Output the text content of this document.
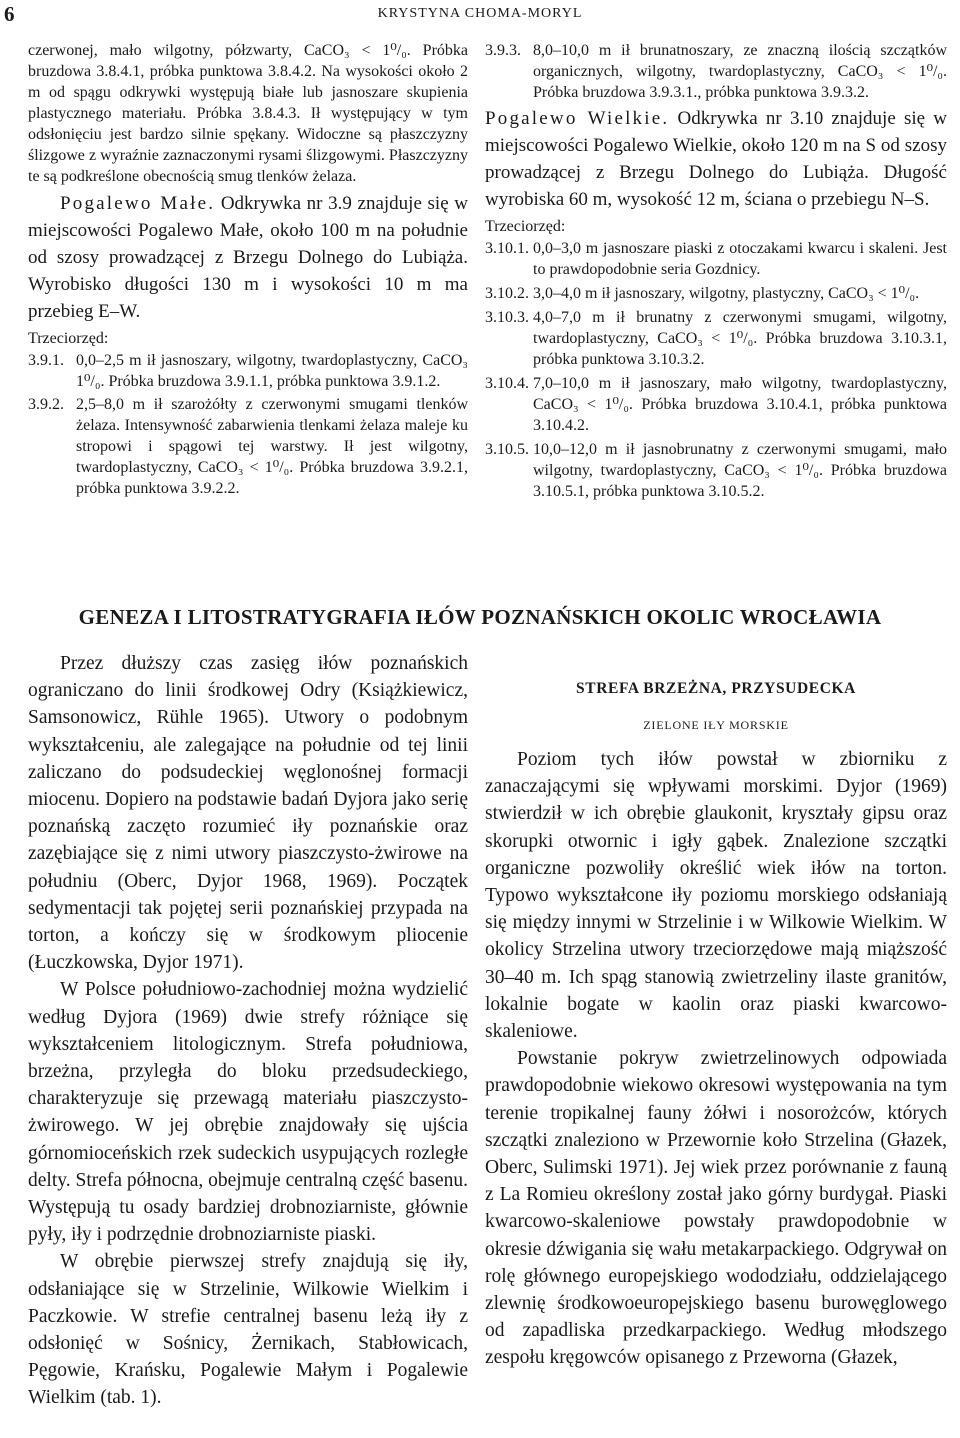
6	KRYSTYNA CHOMA-MORYL

czerwonej, mało wilgotny, półzwarty, CaCO₃ < 1⁰/₀. Próbka bruzdowa 3.8.4.1, próbka punktowa 3.8.4.2. Na wysokości około 2 m od spągu odkrywki występują białe lub jasnoszare skupienia plastycznego materiału. Próbka 3.8.4.3. Ił występujący w tym odsłonięciu jest bardzo silnie spękany. Widoczne są płaszczyzny ślizgowe z wyraźnie zaznaczonymi rysami ślizgowymi. Płaszczyzny te są podkreślone obecnością smug tlenków żelaza.

Pogalewo Małe. Odkrywka nr 3.9 znajduje się w miejscowości Pogalewo Małe, około 100 m na południe od szosy prowadzącej z Brzegu Dolnego do Lubiąża. Wyrobisko długości 130 m i wysokości 10 m ma przebieg E–W.

Trzeciorzęd:
3.9.1. 0,0–2,5 m ił jasnoszary, wilgotny, twardoplastyczny, CaCO₃ 1⁰/₀. Próbka bruzdowa 3.9.1.1, próbka punktowa 3.9.1.2.
3.9.2. 2,5–8,0 m ił szarożółty z czerwonymi smugami tlenków żelaza. Intensywność zabarwienia tlenkami żelaza maleje ku stropowi i spągowi tej warstwy. Ił jest wilgotny, twardoplastyczny, CaCO₃ < 1⁰/₀. Próbka bruzdowa 3.9.2.1, próbka punktowa 3.9.2.2.
3.9.3. 8,0–10,0 m ił brunatnoszary, ze znaczną ilością szczątków organicznych, wilgotny, twardoplastyczny, CaCO₃ < 1⁰/₀. Próbka bruzdowa 3.9.3.1., próbka punktowa 3.9.3.2.

Pogalewo Wielkie. Odkrywka nr 3.10 znajduje się w miejscowości Pogalewo Wielkie, około 120 m na S od szosy prowadzącej z Brzegu Dolnego do Lubiąża. Długość wyrobiska 60 m, wysokość 12 m, ściana o przebiegu N–S.

Trzeciorzęd:
3.10.1. 0,0–3,0 m jasnoszare piaski z otoczakami kwarcu i skaleni. Jest to prawdopodobnie seria Gozdnicy.
3.10.2. 3,0–4,0 m ił jasnoszary, wilgotny, plastyczny, CaCO₃ < 1⁰/₀.
3.10.3. 4,0–7,0 m ił brunatny z czerwonymi smugami, wilgotny, twardoplastyczny, CaCO₃ < 1⁰/₀. Próbka bruzdowa 3.10.3.1, próbka punktowa 3.10.3.2.
3.10.4. 7,0–10,0 m ił jasnoszary, mało wilgotny, twardoplastyczny, CaCO₃ < 1⁰/₀. Próbka bruzdowa 3.10.4.1, próbka punktowa 3.10.4.2.
3.10.5. 10,0–12,0 m ił jasnobrunatny z czerwonymi smugami, mało wilgotny, twardoplastyczny, CaCO₃ < 1⁰/₀. Próbka bruzdowa 3.10.5.1, próbka punktowa 3.10.5.2.
GENEZA I LITOSTRATYGRAFIA IŁÓW POZNAŃSKICH OKOLIC WROCŁAWIA

Przez dłuższy czas zasięg iłów poznańskich ograniczano do linii środkowej Odry (Książkiewicz, Samsonowicz, Rühle 1965). Utwory o podobnym wykształceniu, ale zalegające na południe od tej linii zaliczano do podsudeckiej węglonośnej formacji miocenu. Dopiero na podstawie badań Dyjora jako serię poznańską zaczęto rozumieć iły poznańskie oraz zazębiające się z nimi utwory piaszczysto-żwirowe na południu (Oberc, Dyjor 1968, 1969). Początek sedymentacji tak pojętej serii poznańskiej przypada na torton, a kończy się w środkowym pliocenie (Łuczkowska, Dyjor 1971).

W Polsce południowo-zachodniej można wydzielić według Dyjora (1969) dwie strefy różniące się wykształceniem litologicznym. Strefa południowa, brzeżna, przyległa do bloku przedsudeckiego, charakteryzuje się przewagą materiału piaszczysto-żwirowego. W jej obrębie znajdowały się ujścia górnomioceńskich rzek sudeckich usypujących rozległe delty. Strefa północna, obejmuje centralną część basenu. Występują tu osady bardziej drobnoziarniste, głównie pyły, iły i podrzędnie drobnoziarniste piaski.

W obrębie pierwszej strefy znajdują się iły, odsłaniające się w Strzelinie, Wilkowie Wielkim i Paczkowie. W strefie centralnej basenu leżą iły z odsłonięć w Sośnicy, Żernikach, Stabłowicach, Pęgowie, Krańsku, Pogalewie Małym i Pogalewie Wielkim (tab. 1).

STREFA BRZEŻNA, PRZYSUDECKA
ZIELONE IŁY MORSKIE

Poziom tych iłów powstał w zbiorniku z zanaczającymi się wpływami morskimi. Dyjor (1969) stwierdził w ich obrębie glaukonit, kryształy gipsu oraz skorupki otwornic i igły gąbek. Znalezione szczątki organiczne pozwoliły określić wiek iłów na torton. Typowo wykształcone iły poziomu morskiego odsłaniają się między innymi w Strzelinie i w Wilkowie Wielkim. W okolicy Strzelina utwory trzeciorzędowe mają miąższość 30–40 m. Ich spąg stanowią zwietrzeliny ilaste granitów, lokalnie bogate w kaolin oraz piaski kwarcowo-skaleniowe.

Powstanie pokryw zwietrzelinowych odpowiada prawdopodobnie wiekowo okresowi występowania na tym terenie tropikalnej fauny żółwi i nosorożców, których szczątki znaleziono w Przewornie koło Strzelina (Głazek, Oberc, Sulimski 1971). Jej wiek przez porównanie z fauną z La Romieu określony został jako górny burdygał. Piaski kwarcowo-skaleniowe powstały prawdopodobnie w okresie dźwigania się wału metakarpackiego. Odgrywał on rolę głównego europejskiego wododziału, oddzielającego zlewnię środkowoeuropejskiego basenu burowęglowego od zapadliska przedkarpackiego. Według młodszego zespołu kręgowców opisanego z Przeworna (Głazek,
